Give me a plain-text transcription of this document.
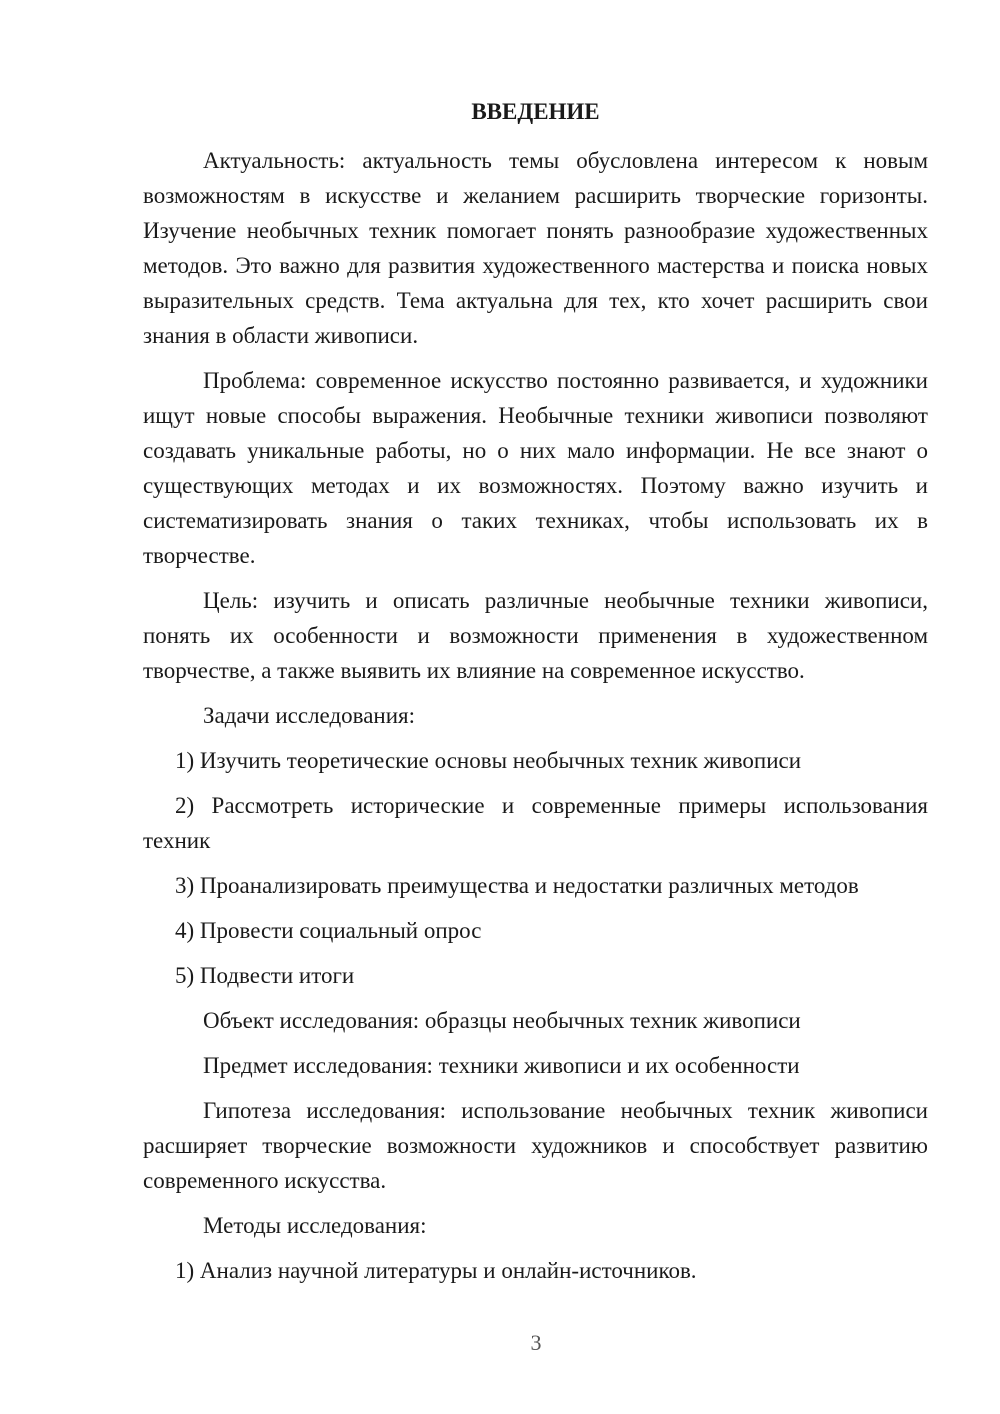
ВВЕДЕНИЕ

Актуальность: актуальность темы обусловлена интересом к новым возможностям в искусстве и желанием расширить творческие горизонты. Изучение необычных техник помогает понять разнообразие художественных методов. Это важно для развития художественного мастерства и поиска новых выразительных средств. Тема актуальна для тех, кто хочет расширить свои знания в области живописи.

Проблема: современное искусство постоянно развивается, и художники ищут новые способы выражения. Необычные техники живописи позволяют создавать уникальные работы, но о них мало информации. Не все знают о существующих методах и их возможностях. Поэтому важно изучить и систематизировать знания о таких техниках, чтобы использовать их в творчестве.

Цель: изучить и описать различные необычные техники живописи, понять их особенности и возможности применения в художественном творчестве, а также выявить их влияние на современное искусство.

Задачи исследования:

1) Изучить теоретические основы необычных техник живописи

2) Рассмотреть исторические и современные примеры использования техник

3) Проанализировать преимущества и недостатки различных методов

4) Провести социальный опрос

5) Подвести итоги

Объект исследования: образцы необычных техник живописи

Предмет исследования: техники живописи и их особенности

Гипотеза исследования: использование необычных техник живописи расширяет творческие возможности художников и способствует развитию современного искусства.

Методы исследования:

1) Анализ научной литературы и онлайн-источников.

3
